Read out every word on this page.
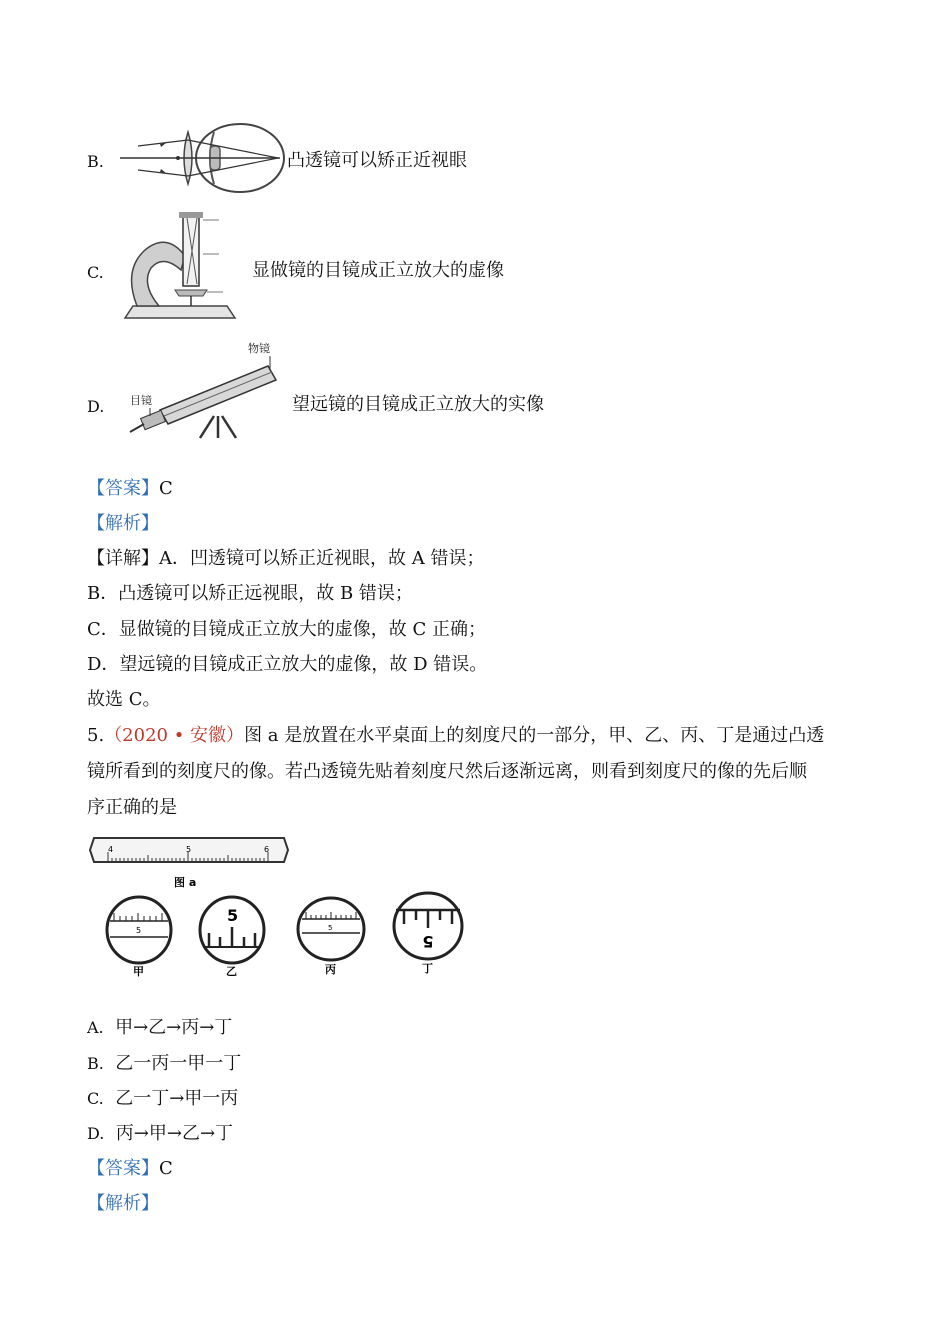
B.	凸透镜可以矫正近视眼
C.	显做镜的目镜成正立放大的虚像
D.
物镜
目镜	望远镜的目镜成正立放大的实像
【答案】C
【解析】
【详解】A．凹透镜可以矫正近视眼，故 A 错误；
B．凸透镜可以矫正远视眼，故 B 错误；
C．显做镜的目镜成正立放大的虚像，故 C 正确；
D．望远镜的目镜成正立放大的虚像，故 D 错误。
故选 C。
5.（2020 • 安徽）图 a 是放置在水平桌面上的刻度尺的一部分，甲、乙、丙、丁是通过凸透
镜所看到的刻度尺的像。若凸透镜先贴着刻度尺然后逐渐远离，则看到刻度尺的像的先后顺
序正确的是
4	5	6
图 a
5
甲
5
乙
5
丙
5
丁
A. 甲→乙→丙→丁
B. 乙一丙一甲一丁
C. 乙一丁→甲一丙
D. 丙→甲→乙→丁
【答案】C
【解析】
